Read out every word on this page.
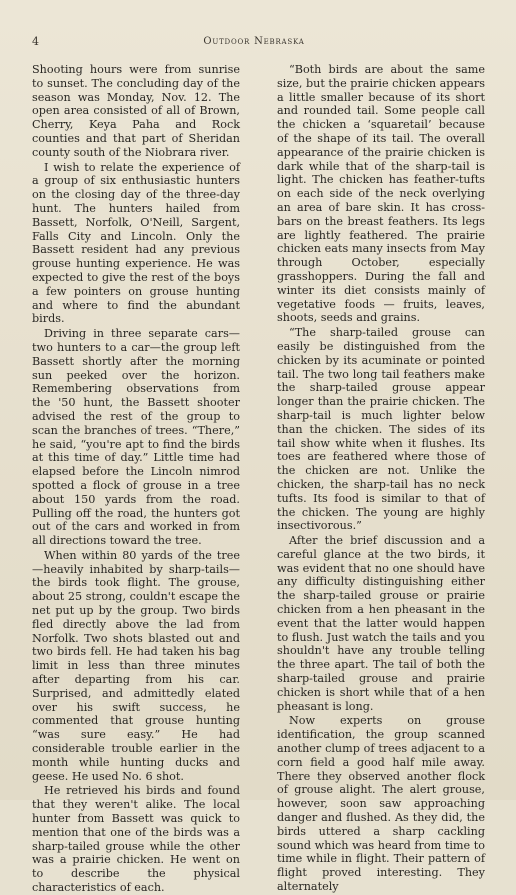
4	Outdoor Nebraska

Shooting hours were from sunrise to sunset. The concluding day of the season was Monday, Nov. 12. The open area consisted of all of Brown, Cherry, Keya Paha and Rock counties and that part of Sheridan county south of the Niobrara river.

I wish to relate the experience of a group of six enthusiastic hunters on the closing day of the three-day hunt. The hunters hailed from Bassett, Norfolk, O'Neill, Sargent, Falls City and Lincoln. Only the Bassett resident had any previous grouse hunting experience. He was expected to give the rest of the boys a few pointers on grouse hunting and where to find the abundant birds.

Driving in three separate cars—two hunters to a car—the group left Bassett shortly after the morning sun peeked over the horizon. Remembering observations from the '50 hunt, the Bassett shooter advised the rest of the group to scan the branches of trees. “There,” he said, “you're apt to find the birds at this time of day.” Little time had elapsed before the Lincoln nimrod spotted a flock of grouse in a tree about 150 yards from the road. Pulling off the road, the hunters got out of the cars and worked in from all directions toward the tree.

When within 80 yards of the tree—heavily inhabited by sharp-tails—the birds took flight. The grouse, about 25 strong, couldn't escape the net put up by the group. Two birds fled directly above the lad from Norfolk. Two shots blasted out and two birds fell. He had taken his bag limit in less than three minutes after departing from his car. Surprised, and admittedly elated over his swift success, he commented that grouse hunting “was sure easy.” He had considerable trouble earlier in the month while hunting ducks and geese. He used No. 6 shot.

He retrieved his birds and found that they weren't alike. The local hunter from Bassett was quick to mention that one of the birds was a sharp-tailed grouse while the other was a prairie chicken. He went on to describe the physical characteristics of each.

“Both birds are about the same size, but the prairie chicken appears a little smaller because of its short and rounded tail. Some people call the chicken a ‘squaretail’ because of the shape of its tail. The overall appearance of the prairie chicken is dark while that of the sharp-tail is light. The chicken has feather-tufts on each side of the neck overlying an area of bare skin. It has cross-bars on the breast feathers. Its legs are lightly feathered. The prairie chicken eats many insects from May through October, especially grasshoppers. During the fall and winter its diet consists mainly of vegetative foods — fruits, leaves, shoots, seeds and grains.

“The sharp-tailed grouse can easily be distinguished from the chicken by its acuminate or pointed tail. The two long tail feathers make the sharp-tailed grouse appear longer than the prairie chicken. The sharp-tail is much lighter below than the chicken. The sides of its tail show white when it flushes. Its toes are feathered where those of the chicken are not. Unlike the chicken, the sharp-tail has no neck tufts. Its food is similar to that of the chicken. The young are highly insectivorous.”

After the brief discussion and a careful glance at the two birds, it was evident that no one should have any difficulty distinguishing either the sharp-tailed grouse or prairie chicken from a hen pheasant in the event that the latter would happen to flush. Just watch the tails and you shouldn't have any trouble telling the three apart. The tail of both the sharp-tailed grouse and prairie chicken is short while that of a hen pheasant is long.

Now experts on grouse identification, the group scanned another clump of trees adjacent to a corn field a good half mile away. There they observed another flock of grouse alight. The alert grouse, however, soon saw approaching danger and flushed. As they did, the birds uttered a sharp cackling sound which was heard from time to time while in flight. Their pattern of flight proved interesting. They alternately
